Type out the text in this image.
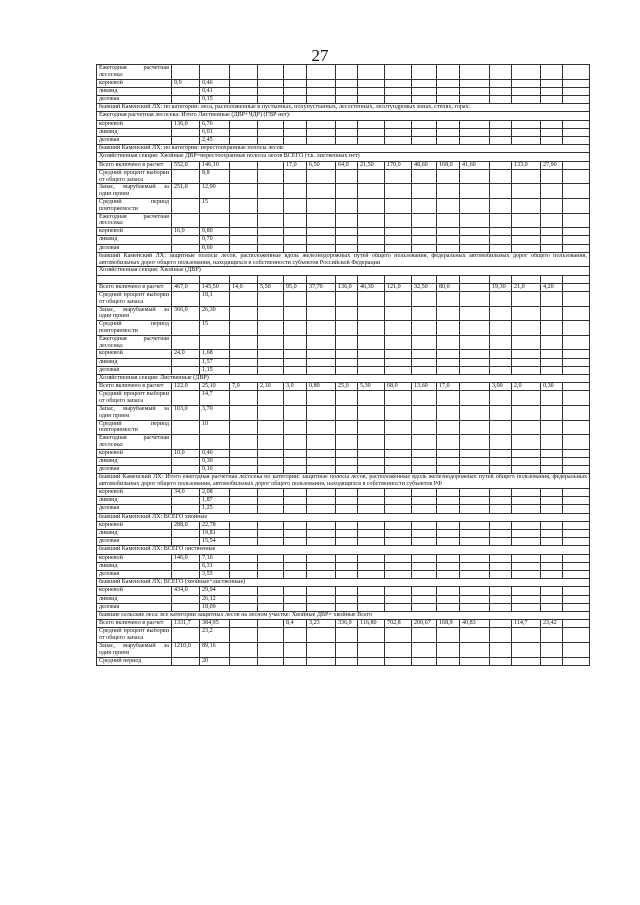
27
Ежегодная расчетная лесосека:																
корневой	9,0	0,46														
ликвид		0,41														
деловая		0,15														
бывший Каменский ЛХ: по категории: леса, расположенные в пустынных, полупустынных, лесостепных, лесотундровых зонах, степях, горах:																
Ежегодная расчетная лесосека: Итого Лиственные (ДВР+ЧДР) (ГВР нет):																
корневой	136,0	6,76														
ликвид		6,01														
деловая		2,45														
бывший Каменский ЛХ: по категории: нерестоохранные полосы лесов:																
Хозяйственная секция: Хвойные ДВР=нерестоохранные полосы лесов ВСЕГО (т.к. лиственных нет)																
Всего включено в расчет	552,0	146,10			17,0	6,50	64,0	21,50	170,0	48,60	168,0	41,60		133,0	27,90	
Средний процент выборки от общего запаса		8,8														
Запас, вырубаемый за один прием	251,0	12,90														
Средний период повторяемости		15														
Ежегодная расчетная лесосека:																
корневой	16,0	0,80														
ликвид		0,70														
деловая		0,60														
бывший Каменский ЛХ: защитные полосы лесов, расположенные вдоль железнодорожных путей общего пользования, федеральных автомобильных дорог общего пользования, автомобильных дорог общего пользования, находящихся в собственности субъектов Российской Федерации																
Хозяйственная секция: Хвойные (ДВР)																

Всего включено в расчет	467,0	145,50	14,0	5,50	95,0	37,70	136,0	46,30	121,0	32,50	80,0		19,30	21,0	4,20	
Средний процент выборки от общего запаса		18,1														
Запас, вырубаемый за один прием	366,0	26,30														
Средний период повторяемости		15														
Ежегодная расчетная лесосека:																
корневой	24,0	1,68														
ликвид		1,57														
деловая		1,15														
Хозяйственная секция: Лиственные (ДВР)																
Всего включено в расчет	122,0	25,10	7,0	2,10	3,0	0,80	25,0	5,30	68,0	13,60	17,0		3,00	2,0	0,30	
Средний процент выборки от общего запаса		14,7														
Запас, вырубаемый за один прием	103,0	3,70														
Средний период повторяемости		10														
Ежегодная расчетная лесосека:																
корневой	10,0	0,40														
ликвид		0,30														
деловая		0,10														
бывший Каменский ЛХ: Итого ежегодная расчетная лесосека по категории: защитные полосы лесов, расположенные вдоль железнодорожных путей общего пользования, федеральных автомобильных дорог общего пользования, автомобильных дорог общего пользования, находящихся в собственности субъектов РФ																
корневой	34,0	2,08														
ликвид		1,87														
деловая		1,25														
бывший Каменский ЛХ: ВСЕГО хвойные																
корневой	288,0	22,78														
ликвид		19,81														
деловая		15,54														
бывший Каменский ЛХ: ВСЕГО лиственные																
корневой	146,0	7,16														
ликвид		6,31														
деловая		3,55														
бывший Каменский ЛХ: ВСЕГО (хвойные+лиственные)																
корневой	434,0	29,94														
ликвид		26,12														
деловая		18,09														
бывшие сельские леса: все категории защитных лесов на лесном участке: Хвойные ДВР= хвойные Всего																
Всего включено в расчет	1331,7	384,95			8,4	3,23	336,9	116,80	702,8	200,67	168,9	40,83		114,7	23,42	
Средний процент выборки от общего запаса		23,2														
Запас, вырубаемый за один прием	1210,0	89,16														
Средний период		20														
